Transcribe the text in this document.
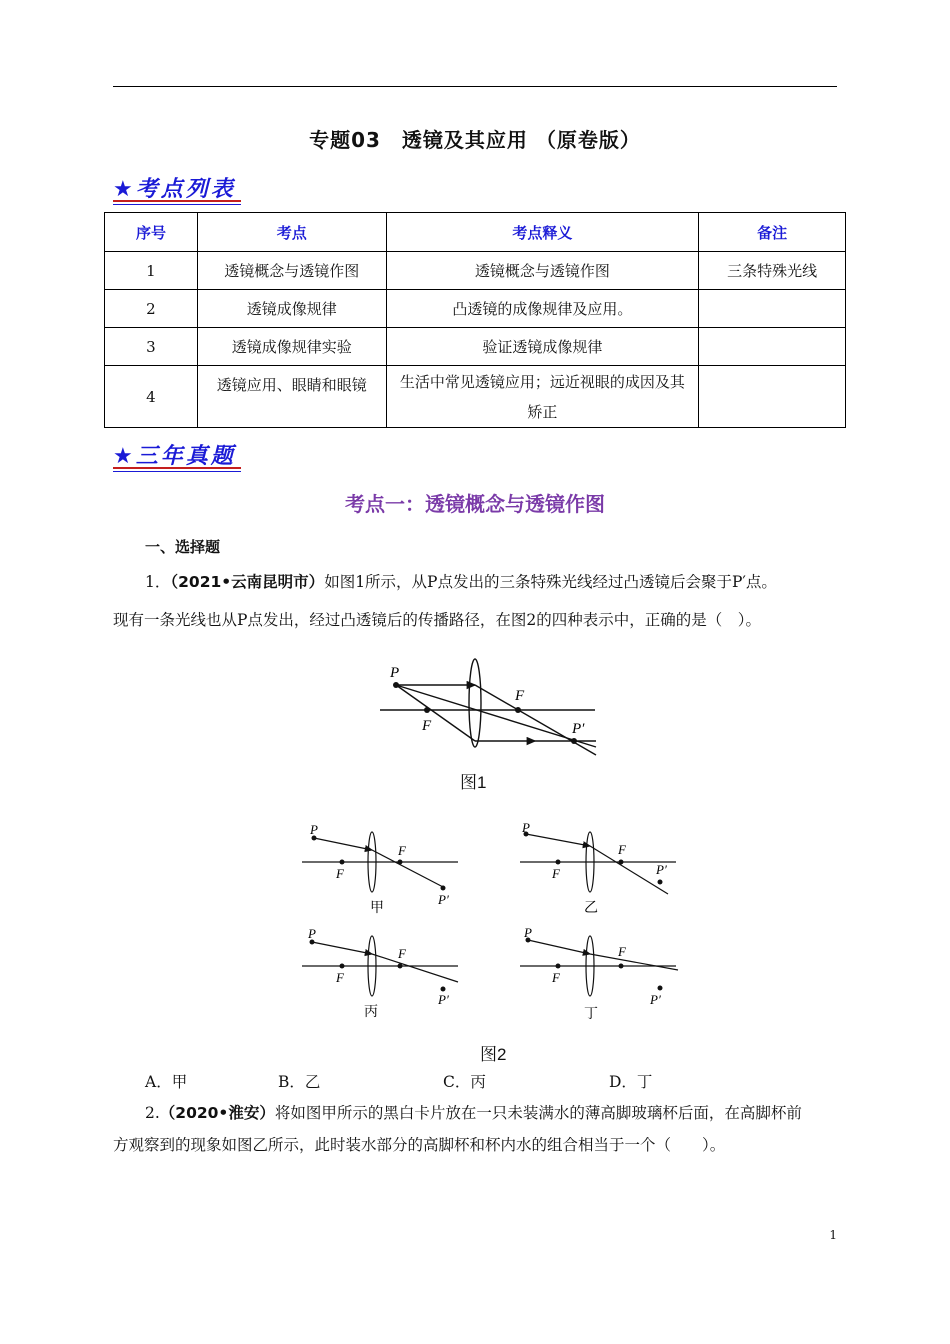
专题03　透镜及其应用 （原卷版）
★考点列表
序号	考点	考点释义	备注
1	透镜概念与透镜作图	透镜概念与透镜作图	三条特殊光线
2	透镜成像规律	凸透镜的成像规律及应用。	
3	透镜成像规律实验	验证透镜成像规律	
4	透镜应用、眼睛和眼镜	生活中常见透镜应用；远近视眼的成因及其矫正	
★三年真题
考点一：透镜概念与透镜作图
一、选择题
1．（2021•云南昆明市）如图1所示，从P点发出的三条特殊光线经过凸透镜后会聚于P′点。
现有一条光线也从P点发出，经过凸透镜后的传播路径，在图2的四种表示中，正确的是（　）。
P
F
F
P′
图1
P
F
F
P′
甲
P
F
F
P′
乙
P
F
F
P′
丙
P
F
F
P′
丁
图2
A．甲	B．乙	C．丙	D．丁
2.（2020•淮安）将如图甲所示的黑白卡片放在一只未装满水的薄高脚玻璃杯后面，在高脚杯前
方观察到的现象如图乙所示，此时装水部分的高脚杯和杯内水的组合相当于一个（　　）。
1
